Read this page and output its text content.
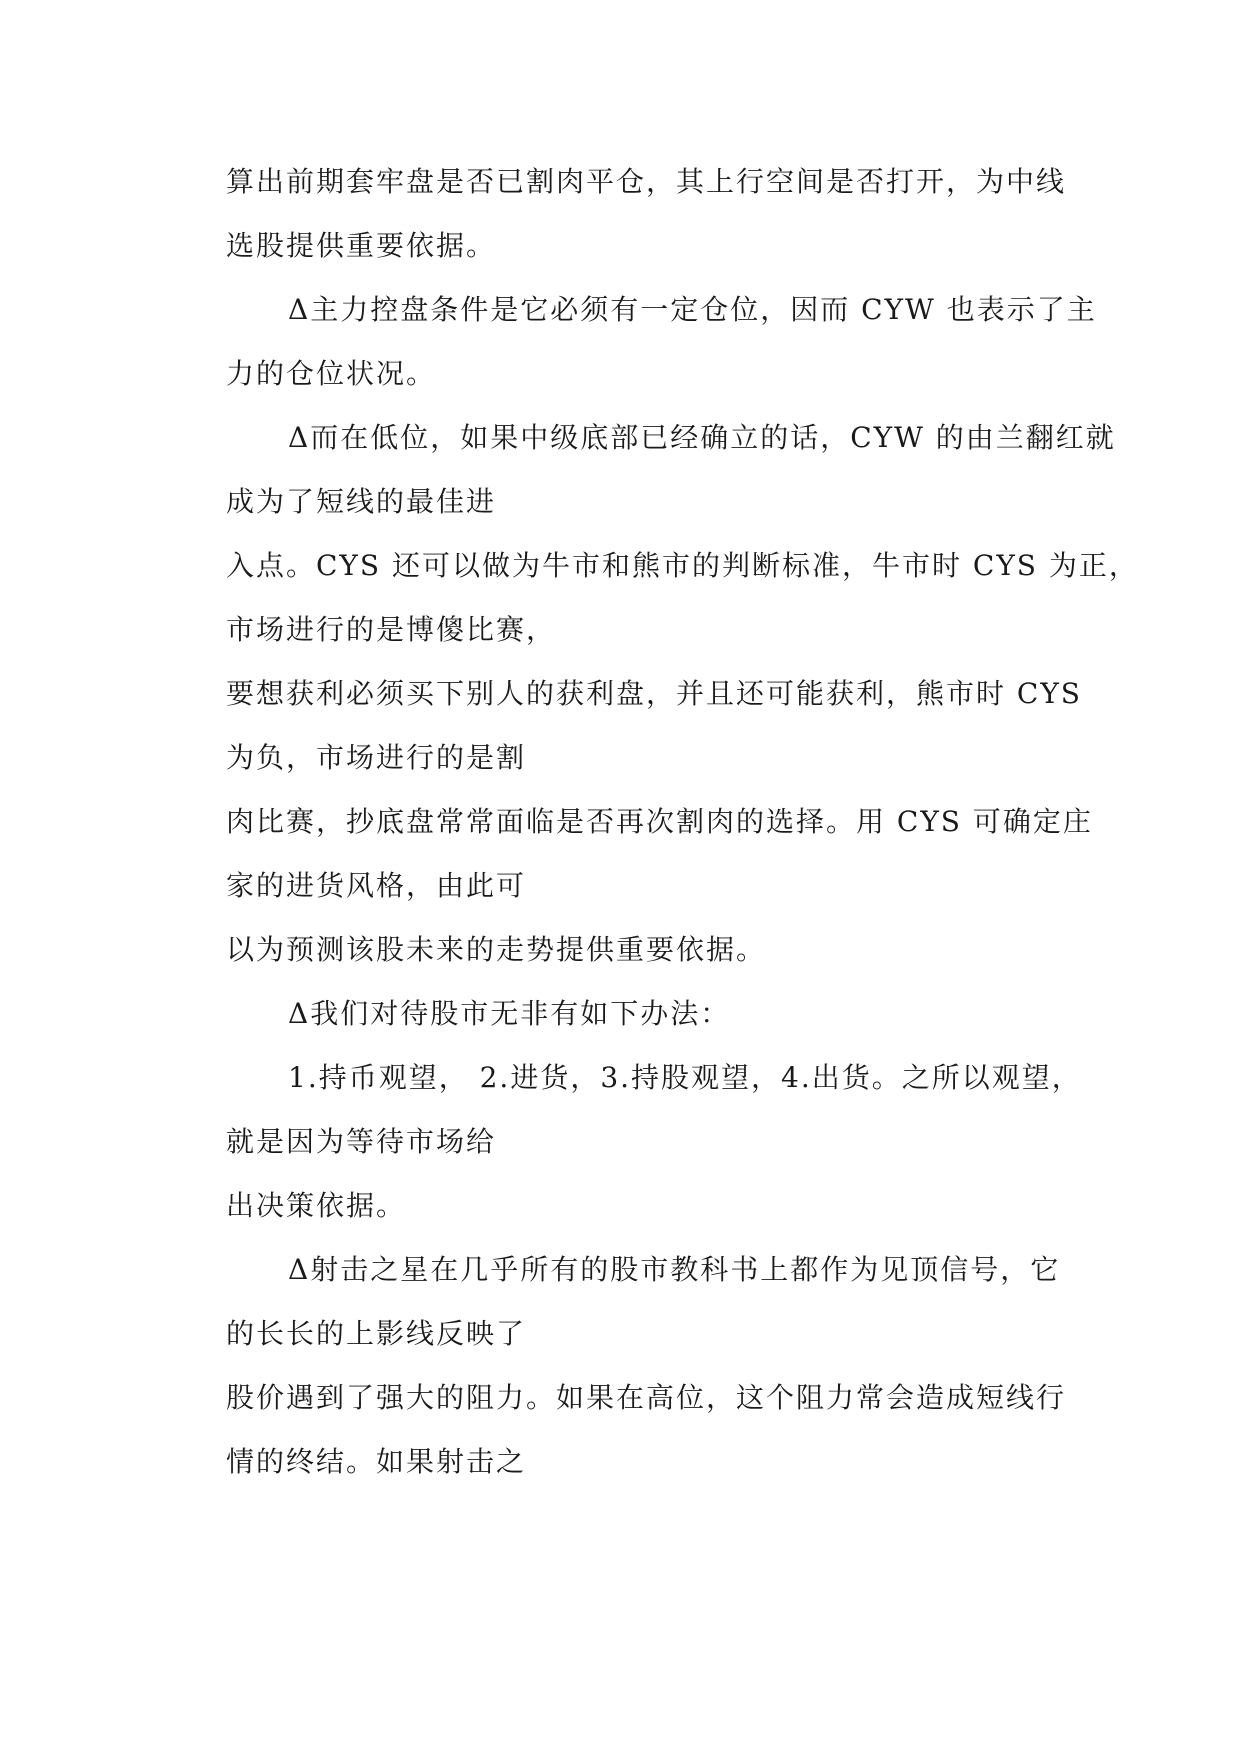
算出前期套牢盘是否已割肉平仓，其上行空间是否打开，为中线
选股提供重要依据。
Δ主力控盘条件是它必须有一定仓位，因而 CYW 也表示了主
力的仓位状况。
Δ而在低位，如果中级底部已经确立的话，CYW 的由兰翻红就
成为了短线的最佳进
入点。CYS 还可以做为牛市和熊市的判断标准，牛市时 CYS 为正，
市场进行的是博傻比赛，
要想获利必须买下别人的获利盘，并且还可能获利，熊市时 CYS
为负，市场进行的是割
肉比赛，抄底盘常常面临是否再次割肉的选择。用 CYS 可确定庄
家的进货风格，由此可
以为预测该股未来的走势提供重要依据。
Δ我们对待股市无非有如下办法：
1.持币观望， 2.进货，3.持股观望，4.出货。之所以观望，
就是因为等待市场给
出决策依据。
Δ射击之星在几乎所有的股市教科书上都作为见顶信号，它
的长长的上影线反映了
股价遇到了强大的阻力。如果在高位，这个阻力常会造成短线行
情的终结。如果射击之
